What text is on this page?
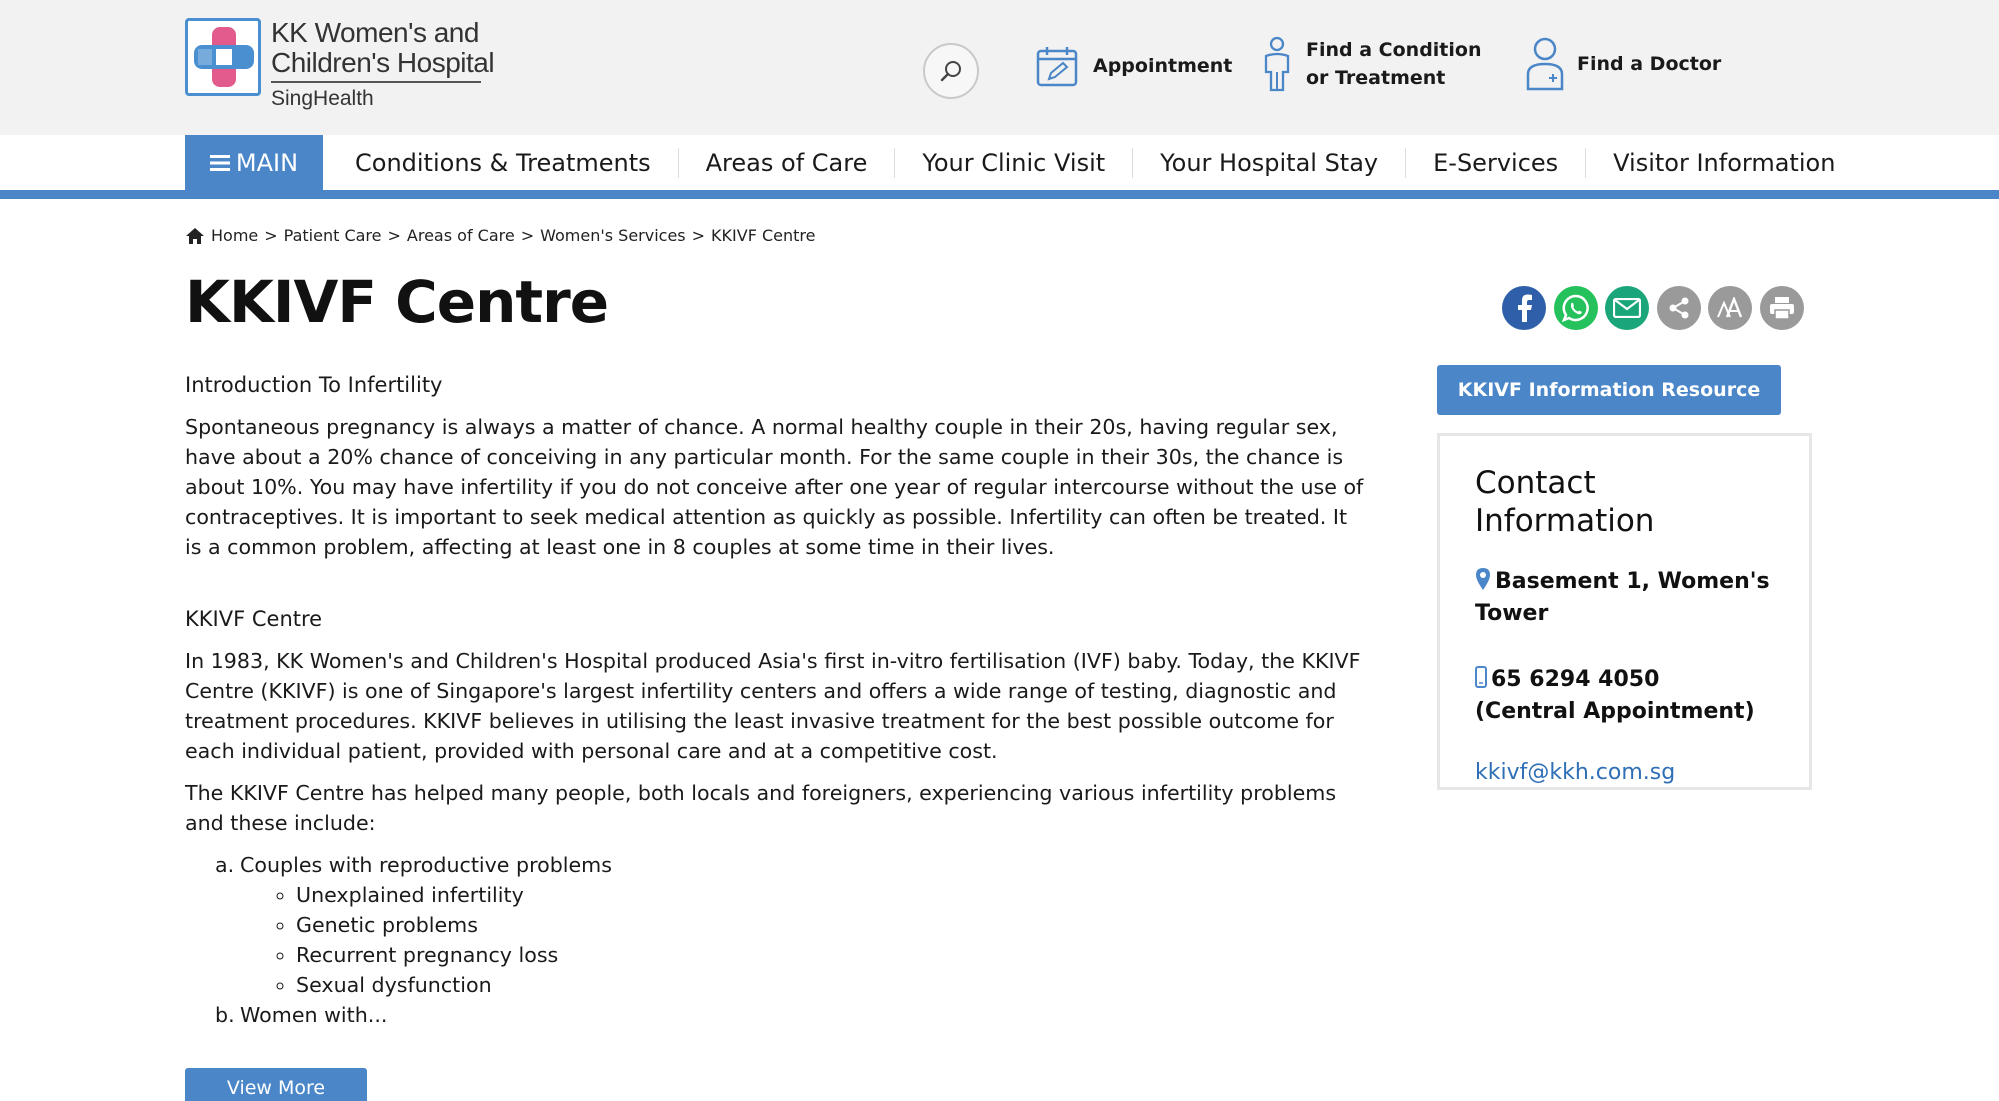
KK Women's and
Children's Hospital
SingHealth
Appointment
Find a Condition
or Treatment
Find a Doctor
MAIN	Conditions & Treatments	Areas of Care	Your Clinic Visit	Your Hospital Stay	E-Services	Visitor Information
Home > Patient Care > Areas of Care > Women's Services > KKIVF Centre
KKIVF Centre
Introduction To Infertility

Spontaneous pregnancy is always a matter of chance. A normal healthy couple in their 20s, having regular sex, have about a 20% chance of conceiving in any particular month. For the same couple in their 30s, the chance is about 10%. You may have infertility if you do not conceive after one year of regular intercourse without the use of contraceptives. It is important to seek medical attention as quickly as possible. Infertility can often be treated. It is a common problem, affecting at least one in 8 couples at some time in their lives.

KKIVF Centre

In 1983, KK Women's and Children's Hospital produced Asia's first in-vitro fertilisation (IVF) baby. Today, the KKIVF Centre (KKIVF) is one of Singapore's largest infertility centers and offers a wide range of testing, diagnostic and treatment procedures. KKIVF believes in utilising the least invasive treatment for the best possible outcome for each individual patient, provided with personal care and at a competitive cost.

The KKIVF Centre has helped many people, both locals and foreigners, experiencing various infertility problems and these include:

a. Couples with reproductive problems
◦ Unexplained infertility
◦ Genetic problems
◦ Recurrent pregnancy loss
◦ Sexual dysfunction
b. Women with...
View More
KKIVF Information Resource
Contact Information
Basement 1, Women's
Tower
65 6294 4050
(Central Appointment)
kkivf@kkh.com.sg
